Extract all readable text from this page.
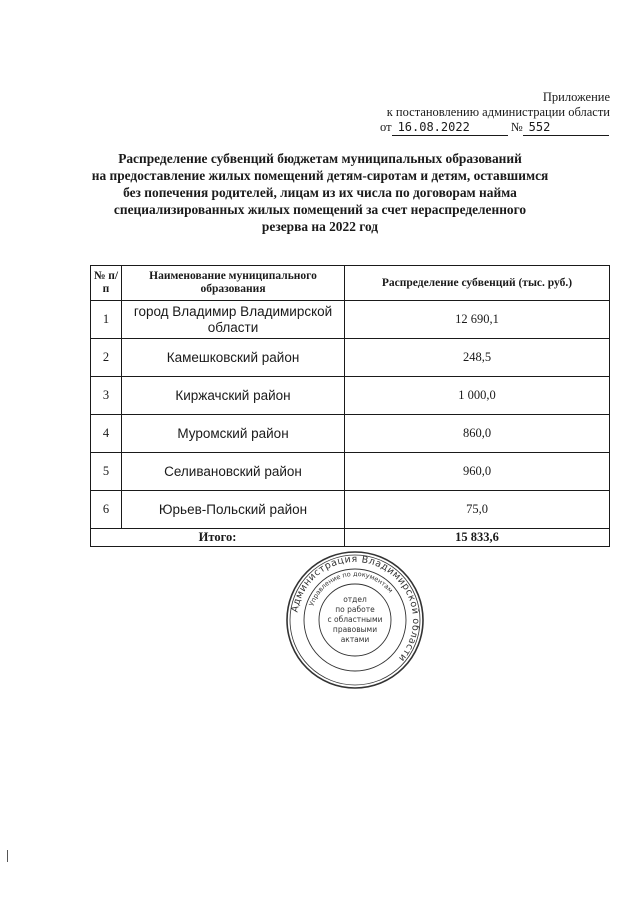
Приложение
к постановлению администрации области
от 16.08.2022	№ 552
Распределение субвенций бюджетам муниципальных образований
на предоставление жилых помещений детям-сиротам и детям, оставшимся
без попечения родителей, лицам из их числа по договорам найма
специализированных жилых помещений за счет нераспределенного
резерва на 2022 год
№ п/п	Наименование муниципального образования	Распределение субвенций (тыс. руб.)
1	город Владимир Владимирской области	12 690,1
2	Камешковский район	248,5
3	Киржачский район	1 000,0
4	Муромский район	860,0
5	Селивановский район	960,0
6	Юрьев-Польский район	75,0
Итого:		15 833,6
Администрация Владимирской области
Управление по документам
отдел
по работе
с областными
правовыми
актами
